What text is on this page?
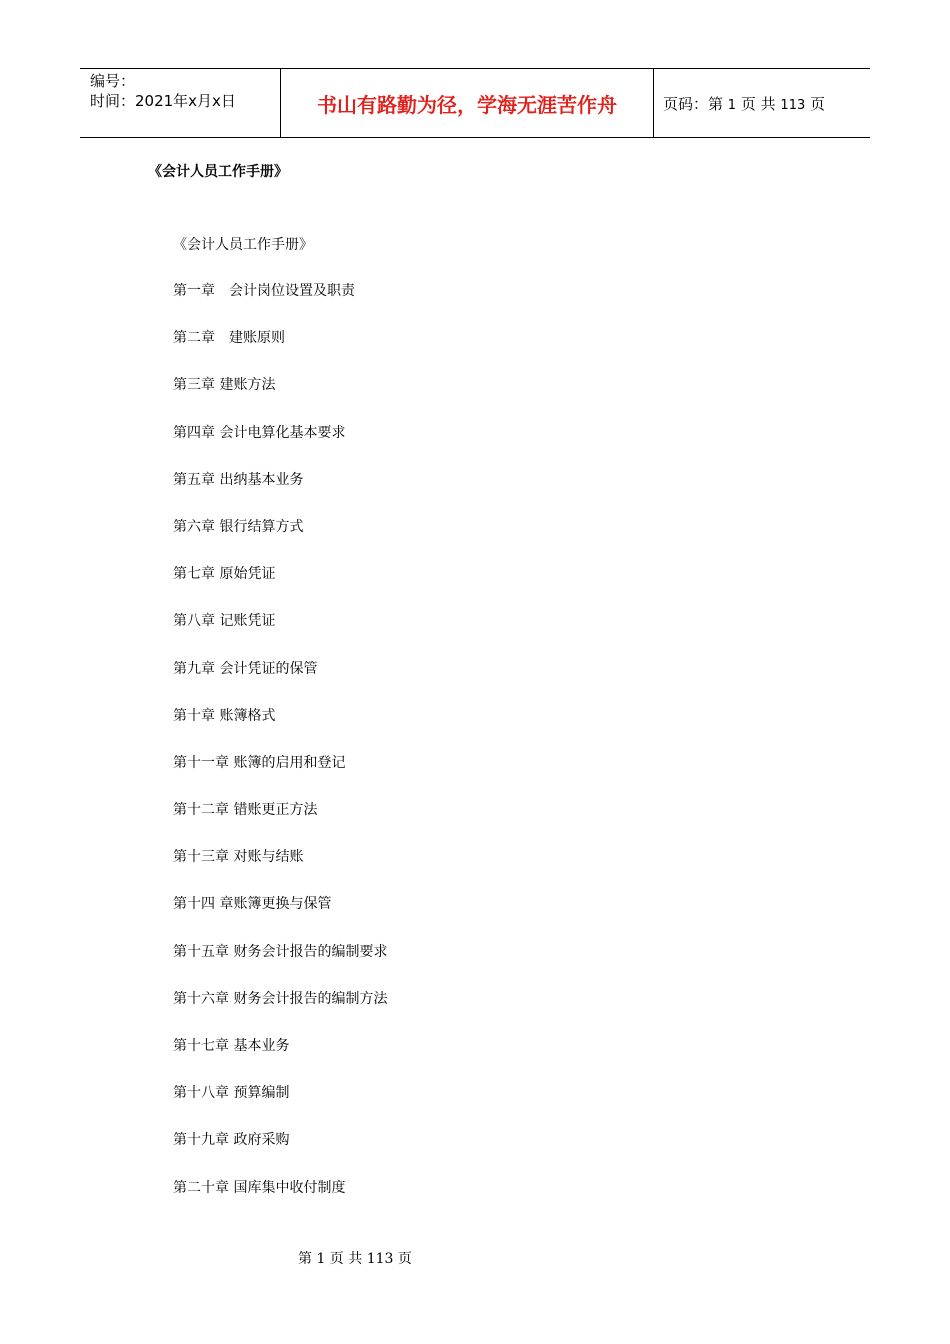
编号：
时间：2021年x月x日	书山有路勤为径，学海无涯苦作舟	页码：第 1 页 共 113 页
《会计人员工作手册》
《会计人员工作手册》
第一章　会计岗位设置及职责
第二章　建账原则
第三章 建账方法
第四章 会计电算化基本要求
第五章 出纳基本业务
第六章 银行结算方式
第七章 原始凭证
第八章 记账凭证
第九章 会计凭证的保管
第十章 账簿格式
第十一章 账簿的启用和登记
第十二章 错账更正方法
第十三章 对账与结账
第十四 章账簿更换与保管
第十五章 财务会计报告的编制要求
第十六章 财务会计报告的编制方法
第十七章 基本业务
第十八章 预算编制
第十九章 政府采购
第二十章 国库集中收付制度
第 1 页 共 113 页
